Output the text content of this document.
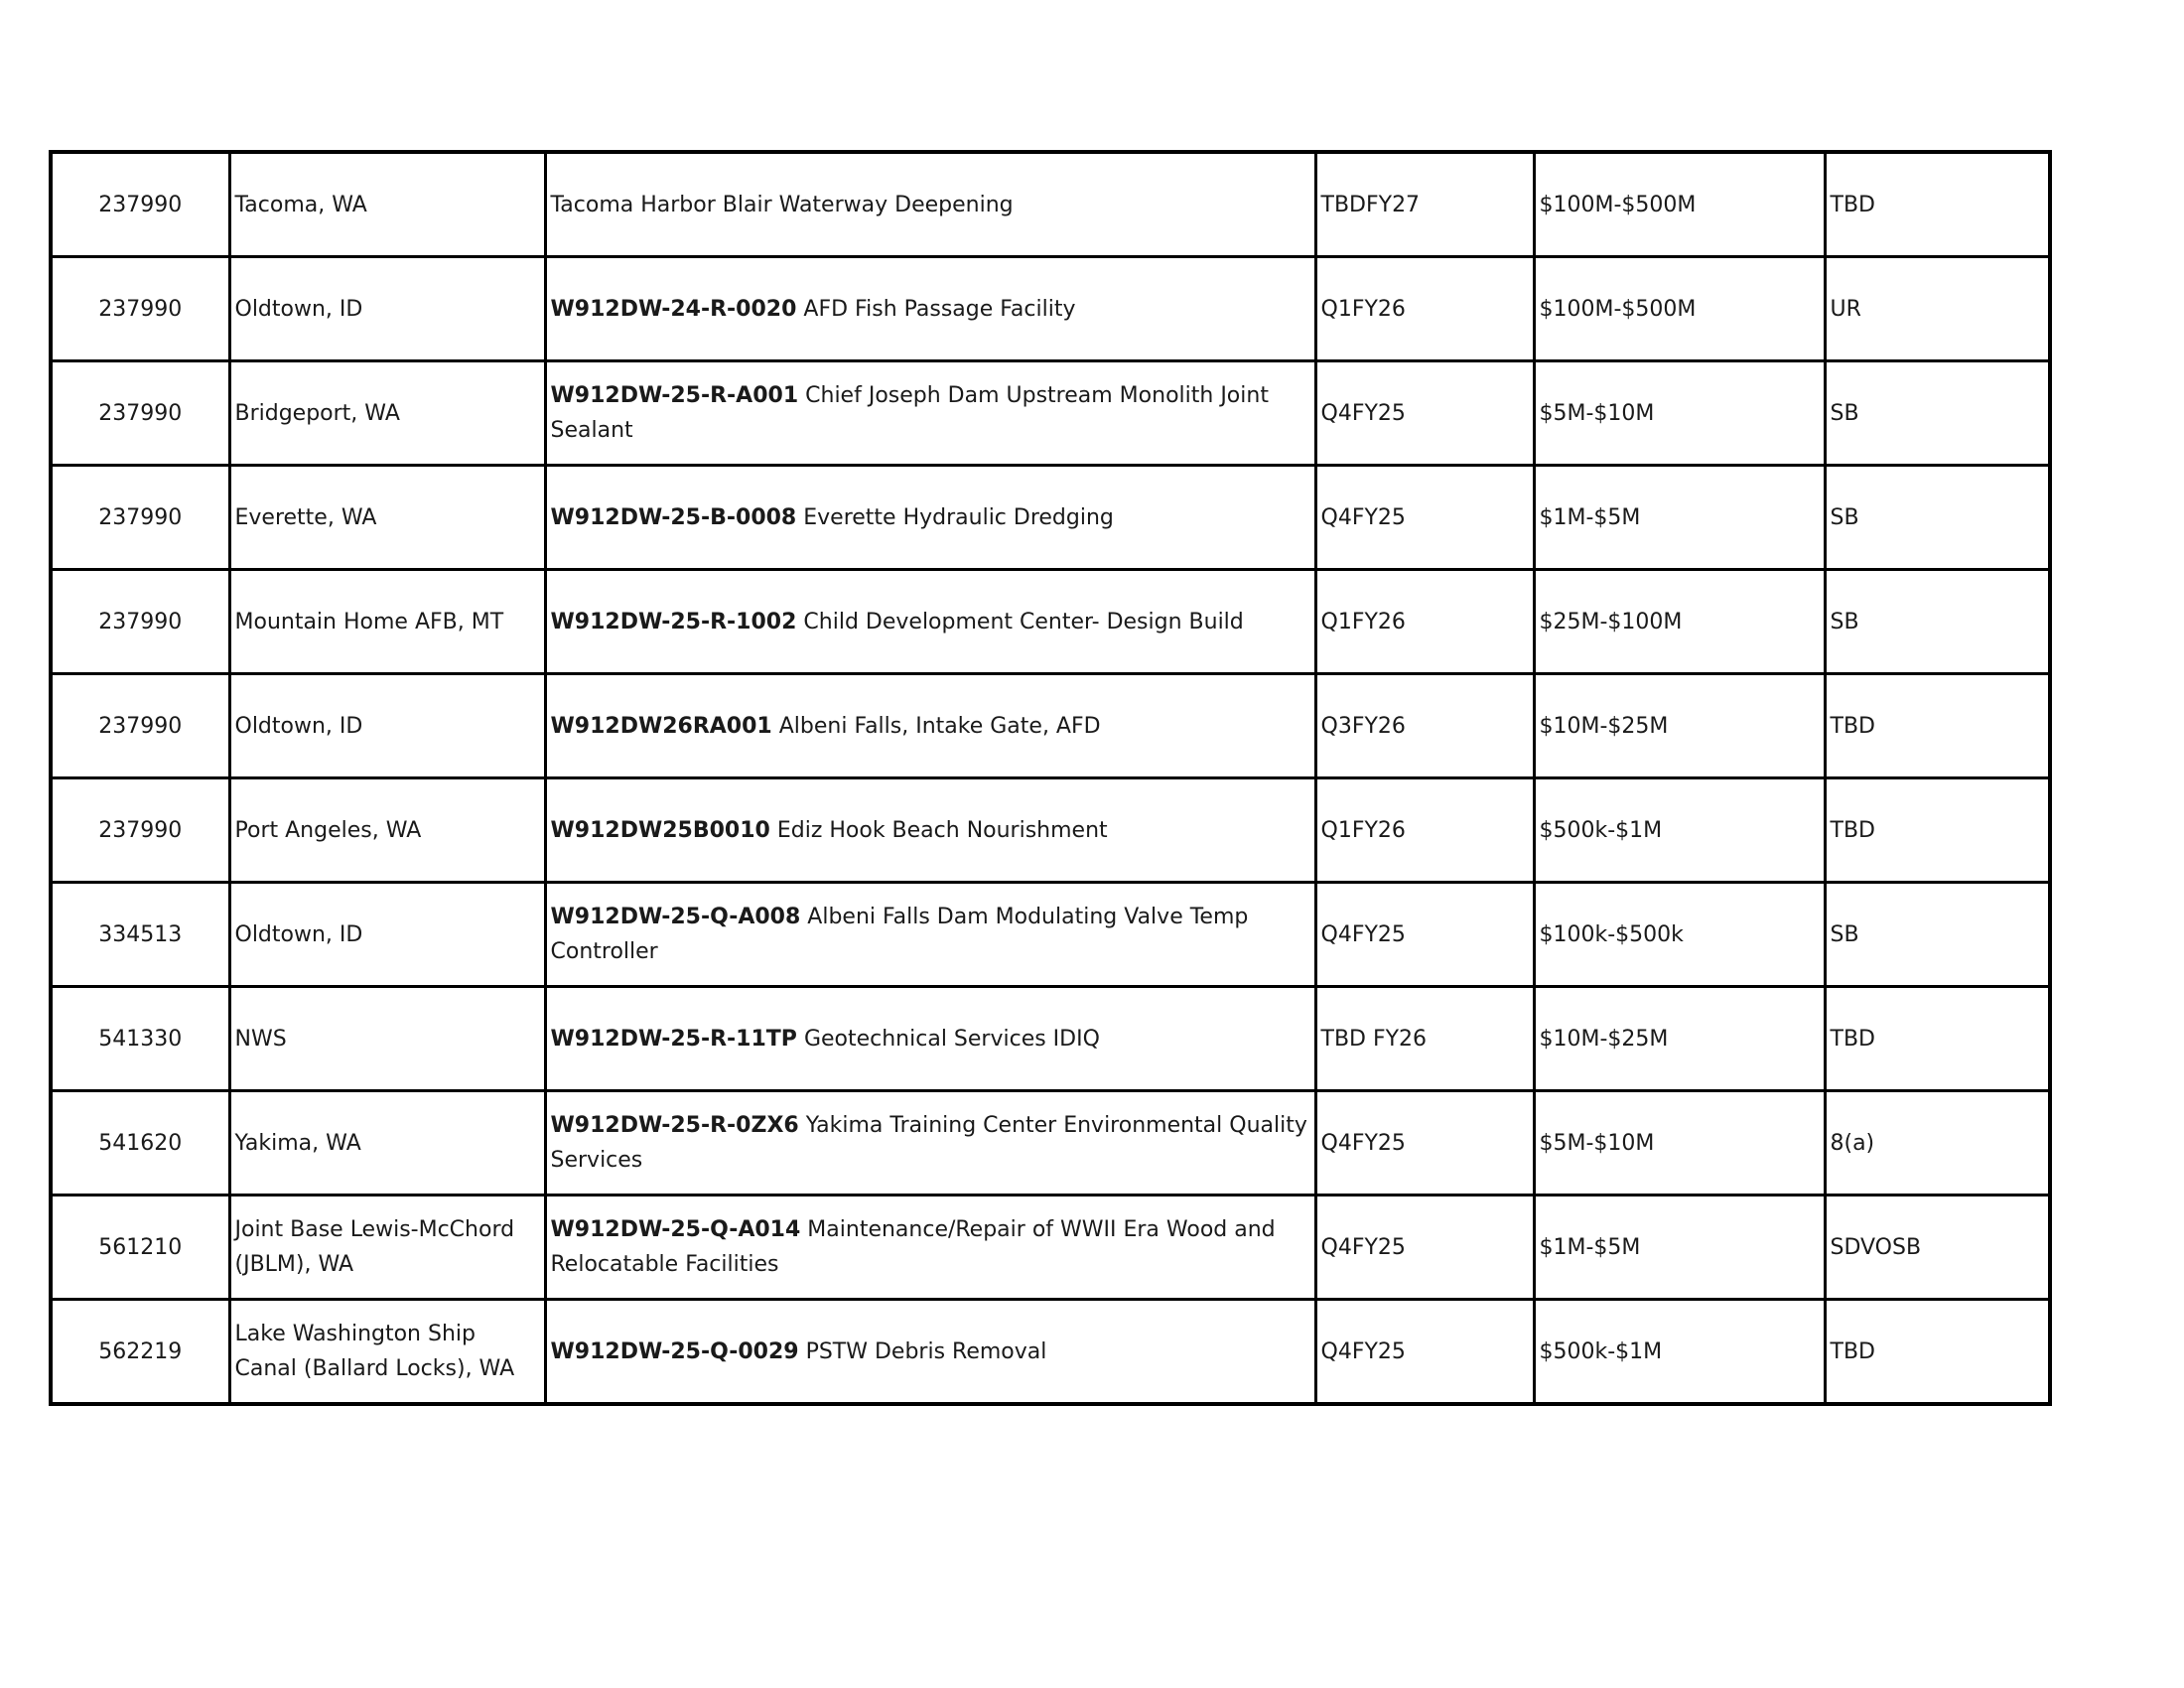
237990	Tacoma, WA	Tacoma Harbor Blair Waterway Deepening	TBDFY27	$100M-$500M	TBD
237990	Oldtown, ID	W912DW-24-R-0020 AFD Fish Passage Facility	Q1FY26	$100M-$500M	UR
237990	Bridgeport, WA	W912DW-25-R-A001 Chief Joseph Dam Upstream Monolith Joint Sealant	Q4FY25	$5M-$10M	SB
237990	Everette, WA	W912DW-25-B-0008 Everette Hydraulic Dredging	Q4FY25	$1M-$5M	SB
237990	Mountain Home AFB, MT	W912DW-25-R-1002 Child Development Center- Design Build	Q1FY26	$25M-$100M	SB
237990	Oldtown, ID	W912DW26RA001 Albeni Falls, Intake Gate, AFD	Q3FY26	$10M-$25M	TBD
237990	Port Angeles, WA	W912DW25B0010 Ediz Hook Beach Nourishment	Q1FY26	$500k-$1M	TBD
334513	Oldtown, ID	W912DW-25-Q-A008 Albeni Falls Dam Modulating Valve Temp Controller	Q4FY25	$100k-$500k	SB
541330	NWS	W912DW-25-R-11TP Geotechnical Services IDIQ	TBD FY26	$10M-$25M	TBD
541620	Yakima, WA	W912DW-25-R-0ZX6 Yakima Training Center Environmental Quality Services	Q4FY25	$5M-$10M	8(a)
561210	Joint Base Lewis-McChord (JBLM), WA	W912DW-25-Q-A014 Maintenance/Repair of WWII Era Wood and Relocatable Facilities	Q4FY25	$1M-$5M	SDVOSB
562219	Lake Washington Ship Canal (Ballard Locks), WA	W912DW-25-Q-0029 PSTW Debris Removal	Q4FY25	$500k-$1M	TBD
